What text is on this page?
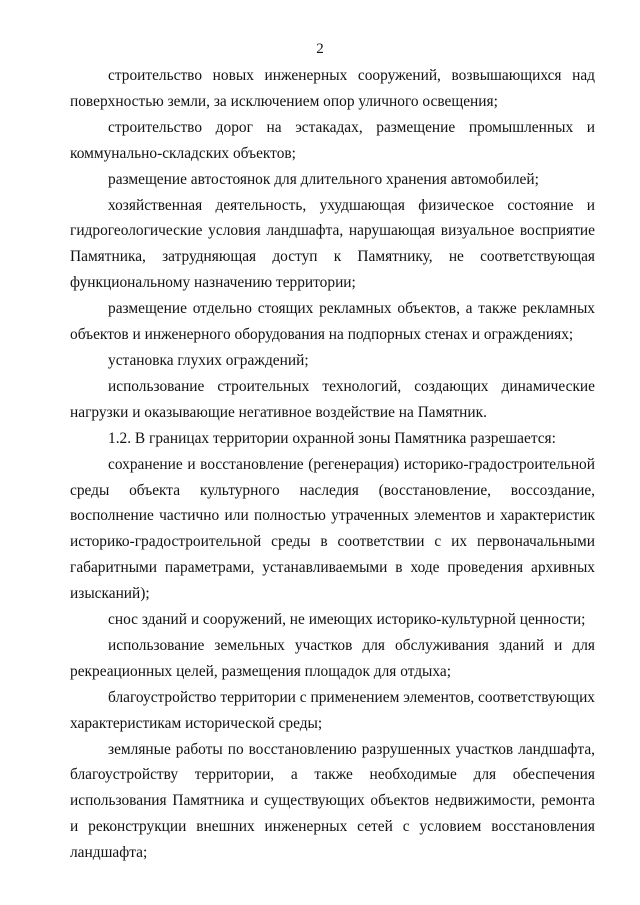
2

строительство новых инженерных сооружений, возвышающихся над поверхностью земли, за исключением опор уличного освещения;

строительство дорог на эстакадах, размещение промышленных и коммунально-складских объектов;

размещение автостоянок для длительного хранения автомобилей;

хозяйственная деятельность, ухудшающая физическое состояние и гидрогеологические условия ландшафта, нарушающая визуальное восприятие Памятника, затрудняющая доступ к Памятнику, не соответствующая функциональному назначению территории;

размещение отдельно стоящих рекламных объектов, а также рекламных объектов и инженерного оборудования на подпорных стенах и ограждениях;

установка глухих ограждений;

использование строительных технологий, создающих динамические нагрузки и оказывающие негативное воздействие на Памятник.

1.2. В границах территории охранной зоны Памятника разрешается:

сохранение и восстановление (регенерация) историко-градостроительной среды объекта культурного наследия (восстановление, воссоздание, восполнение частично или полностью утраченных элементов и характеристик историко-градостроительной среды в соответствии с их первоначальными габаритными параметрами, устанавливаемыми в ходе проведения архивных изысканий);

снос зданий и сооружений, не имеющих историко-культурной ценности;

использование земельных участков для обслуживания зданий и для рекреационных целей, размещения площадок для отдыха;

благоустройство территории с применением элементов, соответствующих характеристикам исторической среды;

земляные работы по восстановлению разрушенных участков ландшафта, благоустройству территории, а также необходимые для обеспечения использования Памятника и существующих объектов недвижимости, ремонта и реконструкции внешних инженерных сетей с условием восстановления ландшафта;
